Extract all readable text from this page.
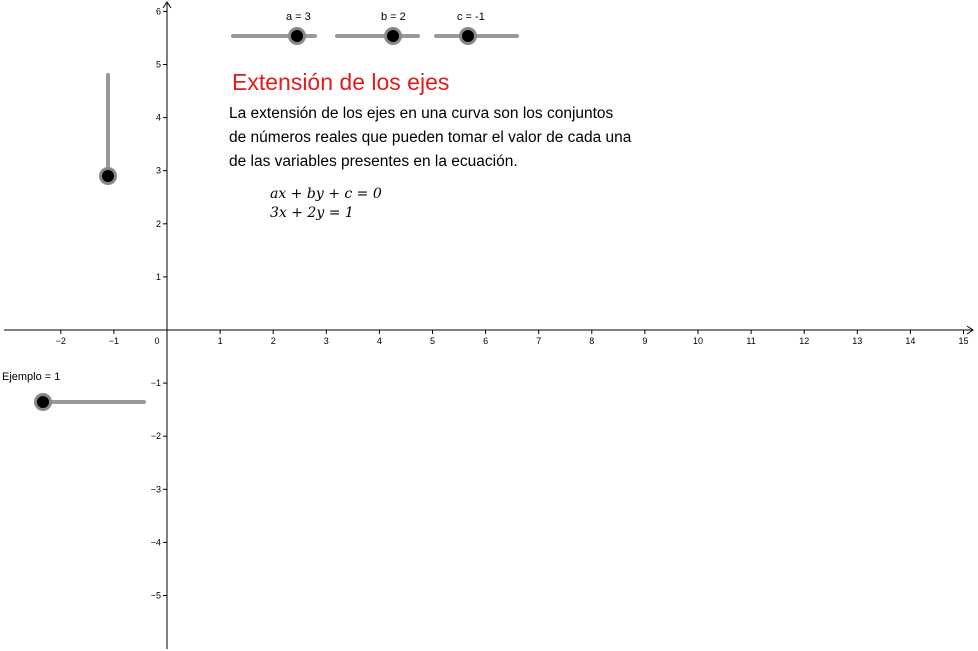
−2	−1	0	1	2	3	4	5	6	7	8	9	10	11	12	13	14	15
6
5
4
3
2
1
−1
−2
−3
−4
−5
a = 3	b = 2	c = -1
Ejemplo = 1
Extensión de los ejes
La extensión de los ejes en una curva son los conjuntos
de números reales que pueden tomar el valor de cada una
de las variables presentes en la ecuación.
ax + by + c = 0
3x + 2y = 1
